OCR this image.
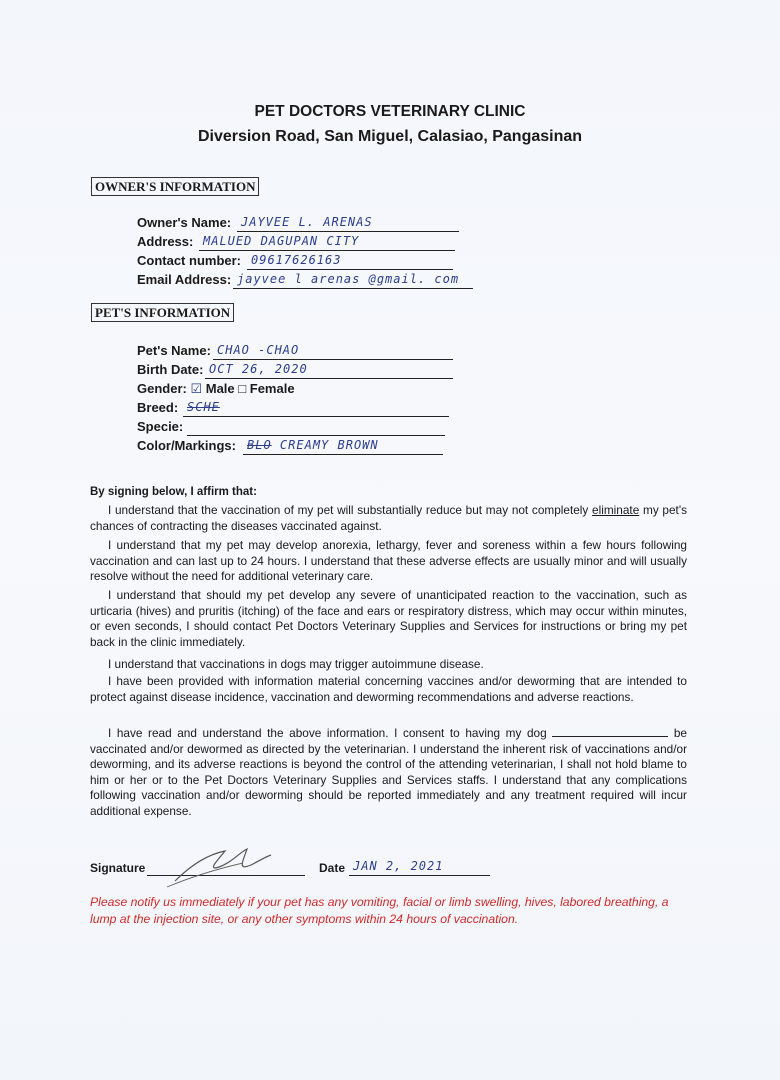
PET DOCTORS VETERINARY CLINIC
Diversion Road, San Miguel, Calasiao, Pangasinan
OWNER'S INFORMATION
Owner's Name: JAYVEE L. ARENAS
Address: MALUED DAGUPAN CITY
Contact number: 09617626163
Email Address: jayvee l arenas @gmail. com
PET'S INFORMATION
Pet's Name: CHAO -CHAO
Birth Date: OCT 26, 2020
Gender: ☑ Male □ Female
Breed: SCHE
Specie:
Color/Markings: BLO CREAMY BROWN
By signing below, I affirm that:
I understand that the vaccination of my pet will substantially reduce but may not completely eliminate my pet's chances of contracting the diseases vaccinated against.
I understand that my pet may develop anorexia, lethargy, fever and soreness within a few hours following vaccination and can last up to 24 hours. I understand that these adverse effects are usually minor and will usually resolve without the need for additional veterinary care.
I understand that should my pet develop any severe of unanticipated reaction to the vaccination, such as urticaria (hives) and pruritis (itching) of the face and ears or respiratory distress, which may occur within minutes, or even seconds, I should contact Pet Doctors Veterinary Supplies and Services for instructions or bring my pet back in the clinic immediately.
I understand that vaccinations in dogs may trigger autoimmune disease.
I have been provided with information material concerning vaccines and/or deworming that are intended to protect against disease incidence, vaccination and deworming recommendations and adverse reactions.
I have read and understand the above information. I consent to having my dog	be vaccinated and/or dewormed as directed by the veterinarian. I understand the inherent risk of vaccinations and/or deworming, and its adverse reactions is beyond the control of the attending veterinarian, I shall not hold blame to him or her or to the Pet Doctors Veterinary Supplies and Services staffs. I understand that any complications following vaccination and/or deworming should be reported immediately and any treatment required will incur additional expense.
Signature	Date JAN 2, 2021
Please notify us immediately if your pet has any vomiting, facial or limb swelling, hives, labored breathing, a lump at the injection site, or any other symptoms within 24 hours of vaccination.
